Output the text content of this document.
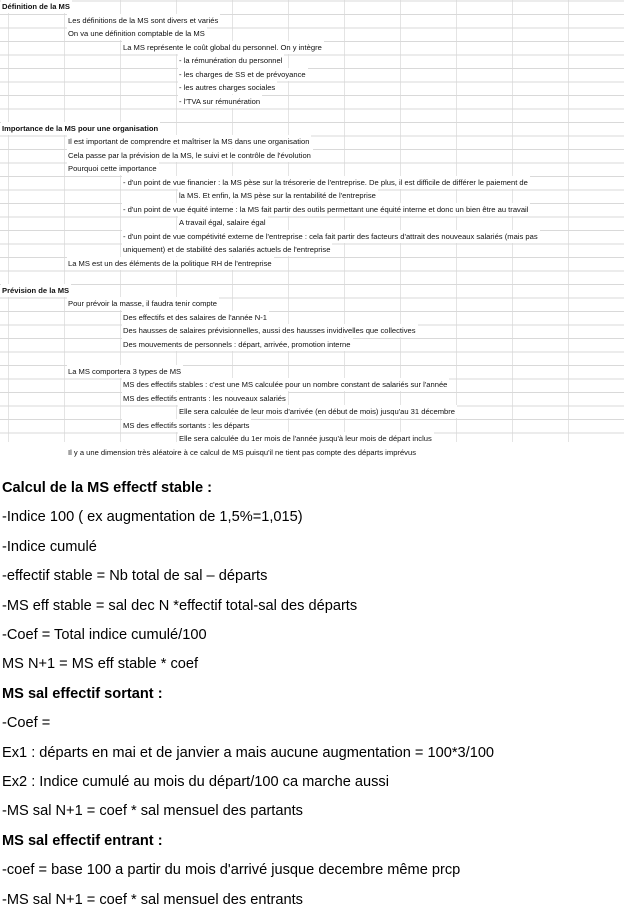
Définition de la MS
Les définitions de la MS sont divers et variés
On va une définition comptable de la MS
La MS représente le coût global du personnel. On y intègre
- la rémunération du personnel
- les charges de SS et de prévoyance
- les autres charges sociales
- l'TVA sur rémunération
Importance de la MS pour une organisation
Il est important de comprendre et maîtriser la MS dans une organisation
Cela passe par la prévision de la MS, le suivi et le contrôle de l'évolution
Pourquoi cette importance
- d'un point de vue financier : la MS pèse sur la trésorerie de l'entreprise. De plus, il est difficile de différer le paiement de
la MS. Et enfin, la MS pèse sur la rentabilité de l'entreprise
- d'un point de vue équité interne : la MS fait partir des outils permettant une équité interne et donc un bien être au travail
A travail égal, salaire égal
- d'un point de vue compétivité externe de l'entreprise : cela fait partir des facteurs d'attrait des nouveaux salariés (mais pas
uniquement) et de stabilité des salariés actuels de l'entreprise
La MS est un des éléments de la politique RH de l'entreprise
Prévision de la MS
Pour prévoir la masse, il faudra tenir compte
Des effectifs et des salaires de l'année N-1
Des hausses de salaires prévisionnelles, aussi des hausses invidivelles que collectives
Des mouvements de personnels : départ, arrivée, promotion interne
La MS comportera 3 types de MS
MS des effectifs stables : c'est une MS calculée pour un nombre constant de salariés sur l'année
MS des effectifs entrants : les nouveaux salariés
Elle sera calculée de leur mois d'arrivée (en début de mois) jusqu'au 31 décembre
MS des effectifs sortants : les départs
Elle sera calculée du 1er mois de l'année jusqu'à leur mois de départ inclus
Il y a une dimension très aléatoire à ce calcul de MS puisqu'il ne tient pas compte des départs imprévus
Calcul de la MS effectf stable :
-Indice 100 ( ex augmentation de 1,5%=1,015)
-Indice cumulé
-effectif stable = Nb total de sal – départs
-MS eff stable = sal dec N *effectif total-sal des départs
-Coef = Total indice cumulé/100
MS N+1 = MS eff stable * coef
MS sal effectif sortant :
-Coef =
Ex1 : départs en mai et de janvier a mais aucune augmentation = 100*3/100
Ex2 : Indice cumulé au mois du départ/100 ca marche aussi
-MS sal N+1 = coef * sal mensuel des partants
MS sal effectif entrant :
-coef = base 100 a partir du mois d'arrivé jusque decembre même prcp
-MS sal N+1 = coef * sal mensuel des entrants
